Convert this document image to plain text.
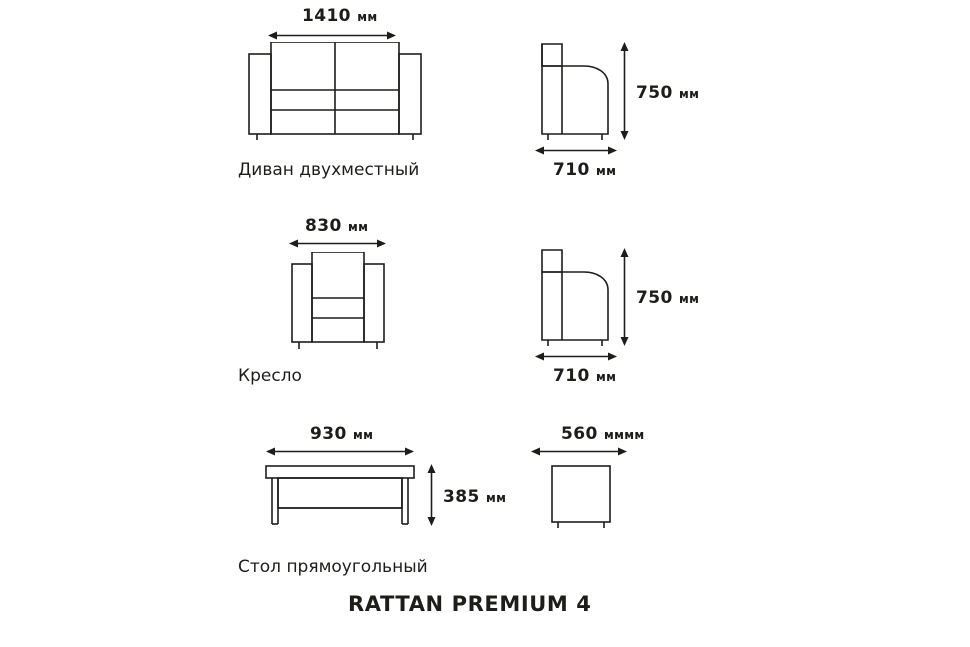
1410 мм
Диван двухместный
750 мм
710 мм
830 мм
Кресло
750 мм
710 мм
930 мм
Стол прямоугольный
385 мм
560 мммм
RATTAN PREMIUM 4
